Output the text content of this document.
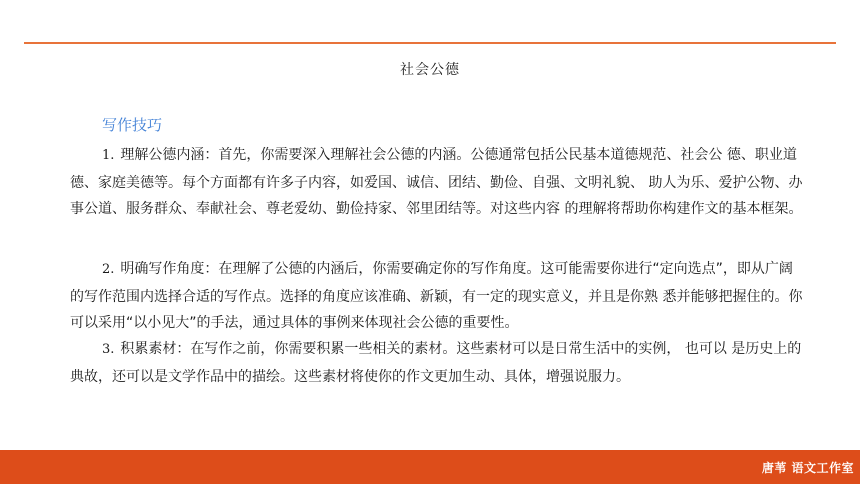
社会公德
写作技巧
1. 理解公德内涵：首先，你需要深入理解社会公德的内涵。公德通常包括公民基本道德规范、社会公 德、职业道德、家庭美德等。每个方面都有许多子内容，如爱国、诚信、团结、勤俭、自强、文明礼貌、 助人为乐、爱护公物、办事公道、服务群众、奉献社会、尊老爱幼、勤俭持家、邻里团结等。对这些内容 的理解将帮助你构建作文的基本框架。
2. 明确写作角度：在理解了公德的内涵后，你需要确定你的写作角度。这可能需要你进行“定向选点”，即从广阔的写作范围内选择合适的写作点。选择的角度应该准确、新颖，有一定的现实意义，并且是你熟 悉并能够把握住的。你可以采用“以小见大”的手法，通过具体的事例来体现社会公德的重要性。
3. 积累素材：在写作之前，你需要积累一些相关的素材。这些素材可以是日常生活中的实例， 也可以 是历史上的典故，还可以是文学作品中的描绘。这些素材将使你的作文更加生动、具体，增强说服力。
唐苇 语文工作室
